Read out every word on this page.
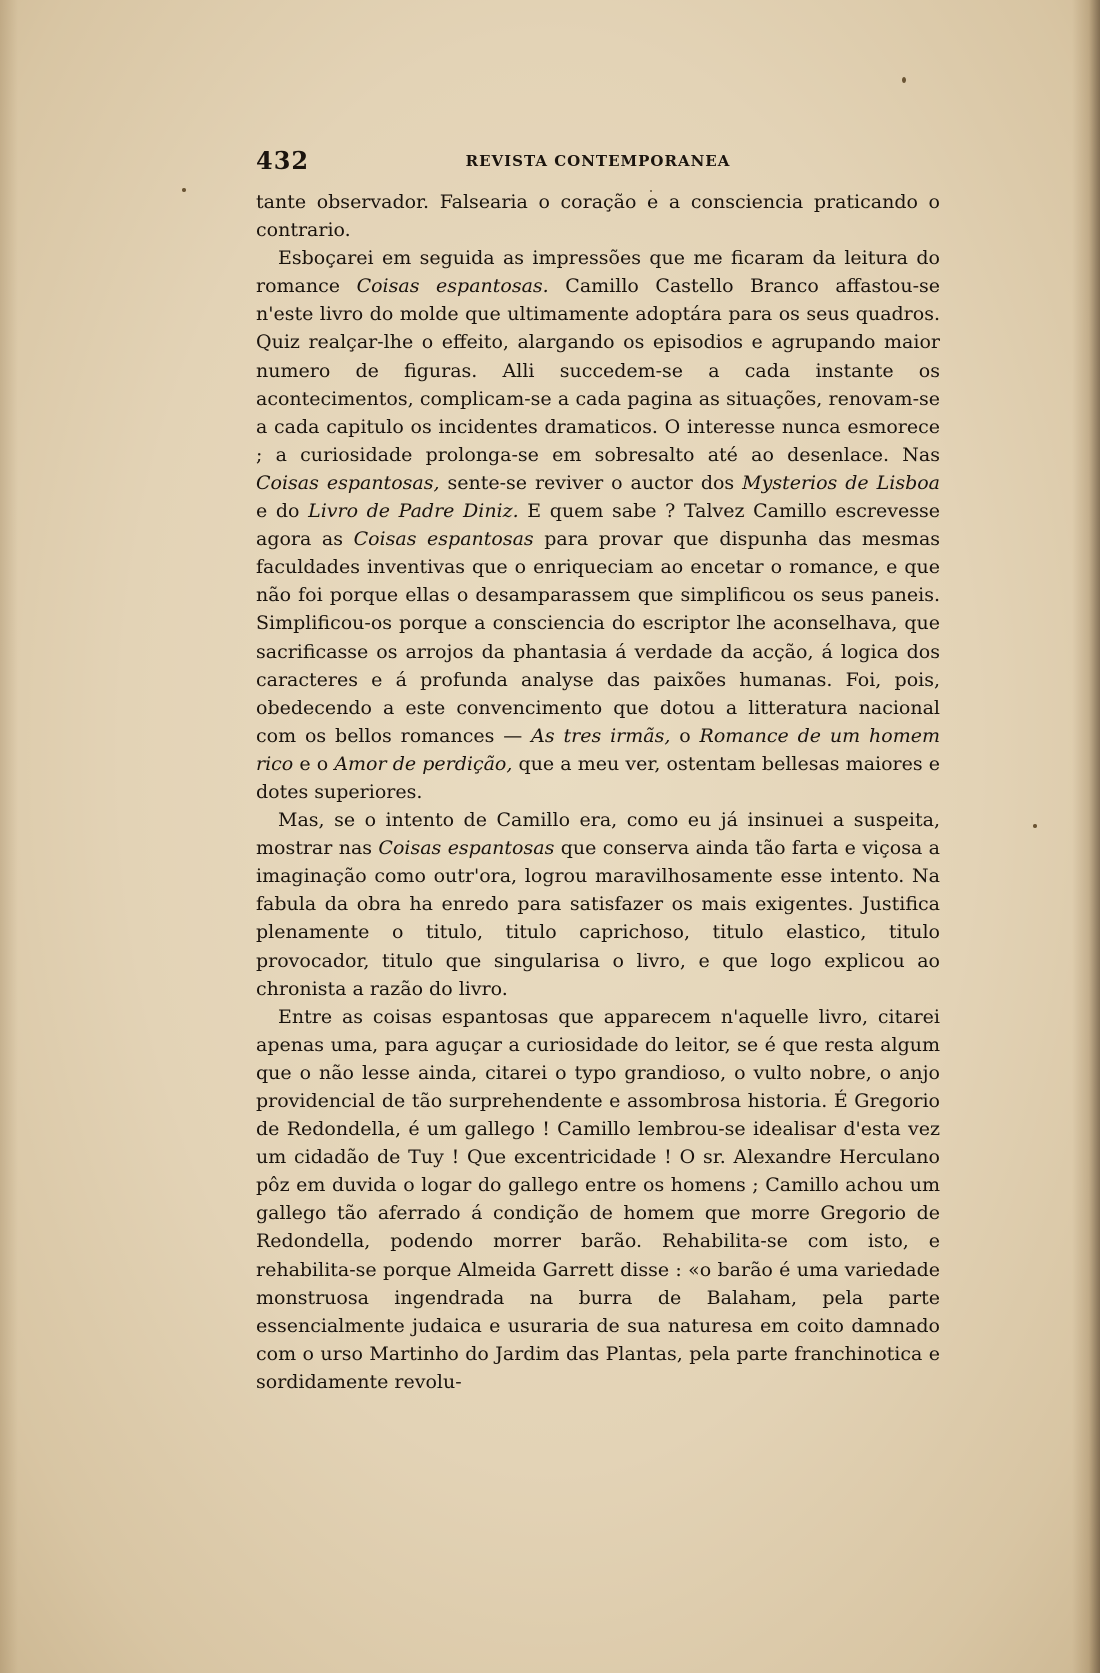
432	REVISTA CONTEMPORANEA

tante observador. Falsearia o coração e a consciencia praticando o contrario.

Esboçarei em seguida as impressões que me ficaram da leitura do romance Coisas espantosas. Camillo Castello Branco affastou-se n'este livro do molde que ultimamente adoptára para os seus quadros. Quiz realçar-lhe o effeito, alargando os episodios e agrupando maior numero de figuras. Alli succedem-se a cada instante os acontecimentos, complicam-se a cada pagina as situações, renovam-se a cada capitulo os incidentes dramaticos. O interesse nunca esmorece ; a curiosidade prolonga-se em sobresalto até ao desenlace. Nas Coisas espantosas, sente-se reviver o auctor dos Mysterios de Lisboa e do Livro de Padre Diniz. E quem sabe ? Talvez Camillo escrevesse agora as Coisas espantosas para provar que dispunha das mesmas faculdades inventivas que o enriqueciam ao encetar o romance, e que não foi porque ellas o desamparassem que simplificou os seus paneis. Simplificou-os porque a consciencia do escriptor lhe aconselhava, que sacrificasse os arrojos da phantasia á verdade da acção, á logica dos caracteres e á profunda analyse das paixões humanas. Foi, pois, obedecendo a este convencimento que dotou a litteratura nacional com os bellos romances — As tres irmãs, o Romance de um homem rico e o Amor de perdição, que a meu ver, ostentam bellesas maiores e dotes superiores.

Mas, se o intento de Camillo era, como eu já insinuei a suspeita, mostrar nas Coisas espantosas que conserva ainda tão farta e viçosa a imaginação como outr'ora, logrou maravilhosamente esse intento. Na fabula da obra ha enredo para satisfazer os mais exigentes. Justifica plenamente o titulo, titulo caprichoso, titulo elastico, titulo provocador, titulo que singularisa o livro, e que logo explicou ao chronista a razão do livro.

Entre as coisas espantosas que apparecem n'aquelle livro, citarei apenas uma, para aguçar a curiosidade do leitor, se é que resta algum que o não lesse ainda, citarei o typo grandioso, o vulto nobre, o anjo providencial de tão surprehendente e assombrosa historia. É Gregorio de Redondella, é um gallego ! Camillo lembrou-se idealisar d'esta vez um cidadão de Tuy ! Que excentricidade ! O sr. Alexandre Herculano pôz em duvida o logar do gallego entre os homens ; Camillo achou um gallego tão aferrado á condição de homem que morre Gregorio de Redondella, podendo morrer barão. Rehabilita-se com isto, e rehabilita-se porque Almeida Garrett disse : «o barão é uma variedade monstruosa ingendrada na burra de Balaham, pela parte essencialmente judaica e usuraria de sua naturesa em coito damnado com o urso Martinho do Jardim das Plantas, pela parte franchinotica e sordidamente revolu-
